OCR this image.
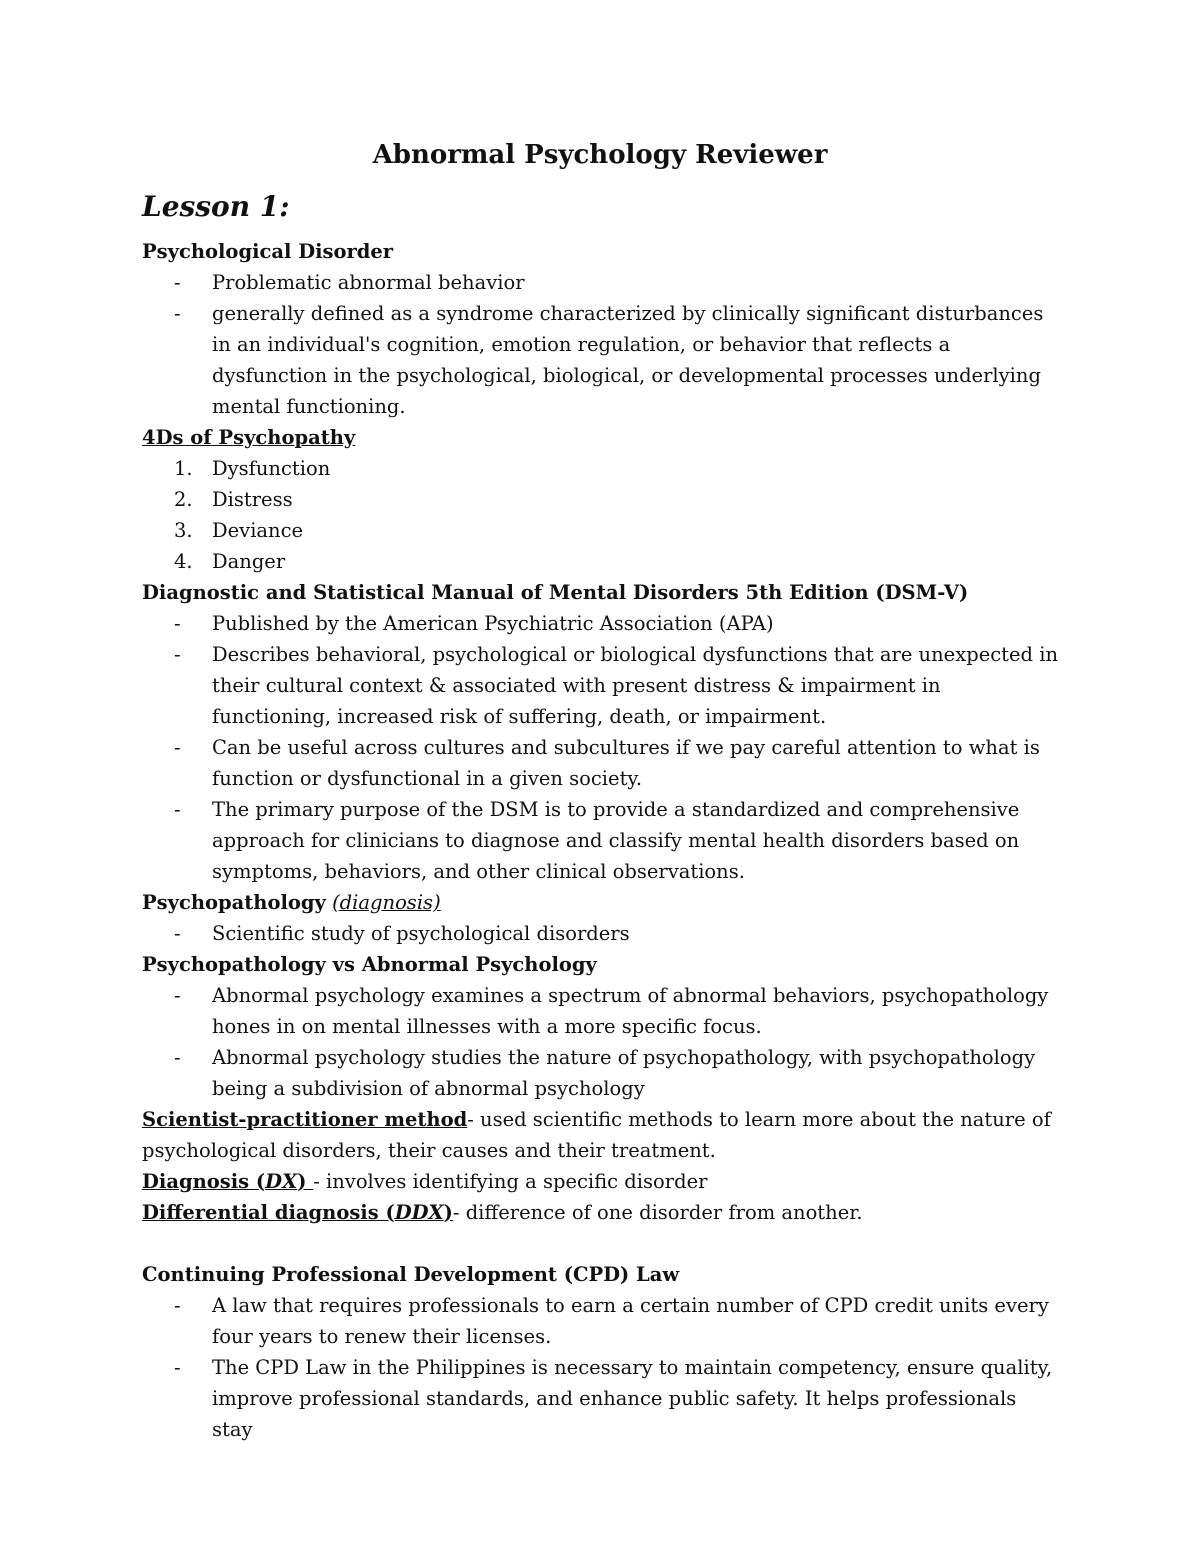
Abnormal Psychology Reviewer
Lesson 1:
Psychological Disorder
- Problematic abnormal behavior
- generally defined as a syndrome characterized by clinically significant disturbances in an individual's cognition, emotion regulation, or behavior that reflects a dysfunction in the psychological, biological, or developmental processes underlying mental functioning.
4Ds of Psychopathy
1. Dysfunction
2. Distress
3. Deviance
4. Danger
Diagnostic and Statistical Manual of Mental Disorders 5th Edition (DSM-V)
- Published by the American Psychiatric Association (APA)
- Describes behavioral, psychological or biological dysfunctions that are unexpected in their cultural context & associated with present distress & impairment in functioning, increased risk of suffering, death, or impairment.
- Can be useful across cultures and subcultures if we pay careful attention to what is function or dysfunctional in a given society.
- The primary purpose of the DSM is to provide a standardized and comprehensive approach for clinicians to diagnose and classify mental health disorders based on symptoms, behaviors, and other clinical observations.
Psychopathology (diagnosis)
- Scientific study of psychological disorders
Psychopathology vs Abnormal Psychology
- Abnormal psychology examines a spectrum of abnormal behaviors, psychopathology hones in on mental illnesses with a more specific focus.
- Abnormal psychology studies the nature of psychopathology, with psychopathology being a subdivision of abnormal psychology
Scientist-practitioner method- used scientific methods to learn more about the nature of psychological disorders, their causes and their treatment.
Diagnosis (DX) - involves identifying a specific disorder
Differential diagnosis (DDX)- difference of one disorder from another.
Continuing Professional Development (CPD) Law
- A law that requires professionals to earn a certain number of CPD credit units every four years to renew their licenses.
- The CPD Law in the Philippines is necessary to maintain competency, ensure quality, improve professional standards, and enhance public safety. It helps professionals stay
